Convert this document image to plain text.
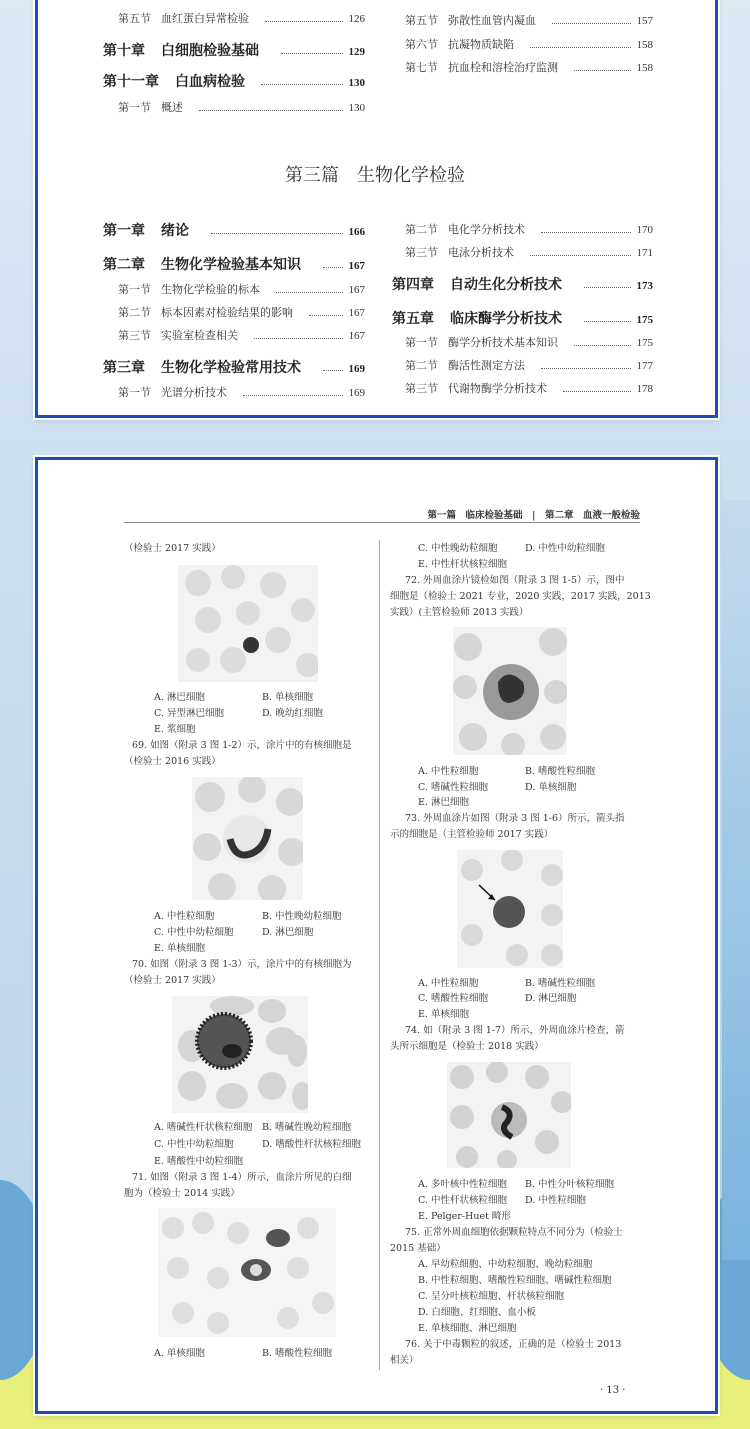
第五节 血红蛋白异常检验	126
第十章 白细胞检验基础	129
第十一章 白血病检验	130
第一节 概述	130
第五节 弥散性血管内凝血	157
第六节 抗凝物质缺陷	158
第七节 抗血栓和溶栓治疗监测	158
第三篇　生物化学检验
第一章 绪论	166
第二章 生物化学检验基本知识	167
第一节 生物化学检验的标本	167
第二节 标本因素对检验结果的影响	167
第三节 实验室检查相关	167
第三章 生物化学检验常用技术	169
第一节 光谱分析技术	169
第二节 电化学分析技术	170
第三节 电泳分析技术	171
第四章 自动生化分析技术	173
第五章 临床酶学分析技术	175
第一节 酶学分析技术基本知识	175
第二节 酶活性测定方法	177
第三节 代谢物酶学分析技术	178
第一篇　临床检验基础　|　第二章　血液一般检验
（检验士 2017 实践）
A. 淋巴细胞	B. 单核细胞
C. 异型淋巴细胞	D. 晚幼红细胞
E. 浆细胞
69. 如图（附录 3 图 1-2）示，涂片中的有核细胞是
（检验士 2016 实践）
A. 中性粒细胞	B. 中性晚幼粒细胞
C. 中性中幼粒细胞	D. 淋巴细胞
E. 单核细胞
70. 如图（附录 3 图 1-3）示，涂片中的有核细胞为
（检验士 2017 实践）
A. 嗜碱性杆状核粒细胞 B. 嗜碱性晚幼粒细胞
C. 中性中幼粒细胞	D. 嗜酸性杆状核粒细胞
E. 嗜酸性中幼粒细胞
71. 如图（附录 3 图 1-4）所示，血涂片所见的白细
胞为（检验士 2014 实践）
A. 单核细胞	B. 嗜酸性粒细胞
C. 中性晚幼粒细胞	D. 中性中幼粒细胞
E. 中性杆状核粒细胞
72. 外周血涂片镜检如图（附录 3 图 1-5）示，图中
细胞是（检验士 2021 专业，2020 实践，2017 实践，2013
实践）(主管检验师 2013 实践）
A. 中性粒细胞	B. 嗜酸性粒细胞
C. 嗜碱性粒细胞	D. 单核细胞
E. 淋巴细胞
73. 外周血涂片如图（附录 3 图 1-6）所示，箭头指
示的细胞是（主管检验师 2017 实践）
A. 中性粒细胞	B. 嗜碱性粒细胞
C. 嗜酸性粒细胞	D. 淋巴细胞
E. 单核细胞
74. 如（附录 3 图 1-7）所示，外周血涂片检查，箭
头所示细胞是（检验士 2018 实践）
A. 多叶核中性粒细胞 B. 中性分叶核粒细胞
C. 中性杆状核粒细胞 D. 中性粒细胞
E. Pelger-Huet 畸形
75. 正常外周血细胞依据颗粒特点不同分为（检验士
2015 基础）
A. 早幼粒细胞、中幼粒细胞、晚幼粒细胞
B. 中性粒细胞、嗜酸性粒细胞、嗜碱性粒细胞
C. 呈分叶核粒细胞、杆状核粒细胞
D. 白细胞、红细胞、血小板
E. 单核细胞、淋巴细胞
76. 关于中毒颗粒的叙述，正确的是（检验士 2013
相关）
· 13 ·
